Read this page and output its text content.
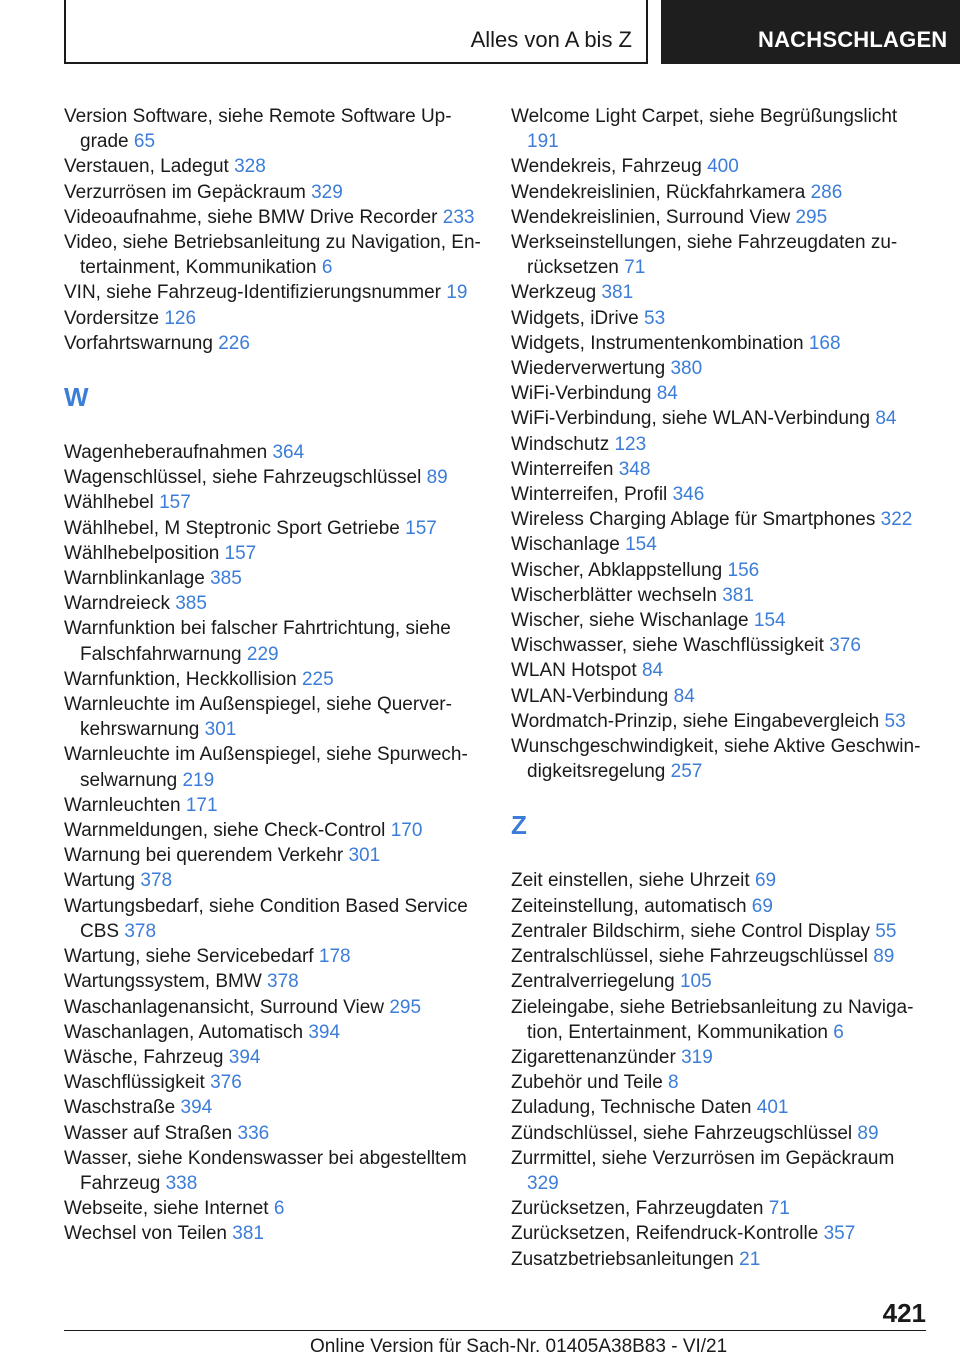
Alles von A bis Z	NACHSCHLAGEN
Version Software, siehe Remote Software Upgrade 65
Verstauen, Ladegut 328
Verzurrösen im Gepäckraum 329
Videoaufnahme, siehe BMW Drive Recorder 233
Video, siehe Betriebsanleitung zu Navigation, Entertainment, Kommunikation 6
VIN, siehe Fahrzeug-Identifizierungsnummer 19
Vordersitze 126
Vorfahrtswarnung 226
W
Wagenheberaufnahmen 364
Wagenschlüssel, siehe Fahrzeugschlüssel 89
Wählhebel 157
Wählhebel, M Steptronic Sport Getriebe 157
Wählhebelposition 157
Warnblinkanlage 385
Warndreieck 385
Warnfunktion bei falscher Fahrtrichtung, siehe Falschfahrwarnung 229
Warnfunktion, Heckkollision 225
Warnleuchte im Außenspiegel, siehe Querverkehrswarnung 301
Warnleuchte im Außenspiegel, siehe Spurwechselwarnung 219
Warnleuchten 171
Warnmeldungen, siehe Check-Control 170
Warnung bei querendem Verkehr 301
Wartung 378
Wartungsbedarf, siehe Condition Based Service CBS 378
Wartung, siehe Servicebedarf 178
Wartungssystem, BMW 378
Waschanlagenansicht, Surround View 295
Waschanlagen, Automatisch 394
Wäsche, Fahrzeug 394
Waschflüssigkeit 376
Waschstraße 394
Wasser auf Straßen 336
Wasser, siehe Kondenswasser bei abgestelltem Fahrzeug 338
Webseite, siehe Internet 6
Wechsel von Teilen 381
Welcome Light Carpet, siehe Begrüßungslicht 191
Wendekreis, Fahrzeug 400
Wendekreislinien, Rückfahrkamera 286
Wendekreislinien, Surround View 295
Werkseinstellungen, siehe Fahrzeugdaten zurücksetzen 71
Werkzeug 381
Widgets, iDrive 53
Widgets, Instrumentenkombination 168
Wiederverwertung 380
WiFi-Verbindung 84
WiFi-Verbindung, siehe WLAN-Verbindung 84
Windschutz 123
Winterreifen 348
Winterreifen, Profil 346
Wireless Charging Ablage für Smartphones 322
Wischanlage 154
Wischer, Abklappstellung 156
Wischerblätter wechseln 381
Wischer, siehe Wischanlage 154
Wischwasser, siehe Waschflüssigkeit 376
WLAN Hotspot 84
WLAN-Verbindung 84
Wordmatch-Prinzip, siehe Eingabevergleich 53
Wunschgeschwindigkeit, siehe Aktive Geschwindigkeitsregelung 257
Z
Zeit einstellen, siehe Uhrzeit 69
Zeiteinstellung, automatisch 69
Zentraler Bildschirm, siehe Control Display 55
Zentralschlüssel, siehe Fahrzeugschlüssel 89
Zentralverriegelung 105
Zieleingabe, siehe Betriebsanleitung zu Navigation, Entertainment, Kommunikation 6
Zigarettenanzünder 319
Zubehör und Teile 8
Zuladung, Technische Daten 401
Zündschlüssel, siehe Fahrzeugschlüssel 89
Zurrmittel, siehe Verzurrösen im Gepäckraum 329
Zurücksetzen, Fahrzeugdaten 71
Zurücksetzen, Reifendruck-Kontrolle 357
Zusatzbetriebsanleitungen 21
421
Online Version für Sach-Nr. 01405A38B83 - VI/21
